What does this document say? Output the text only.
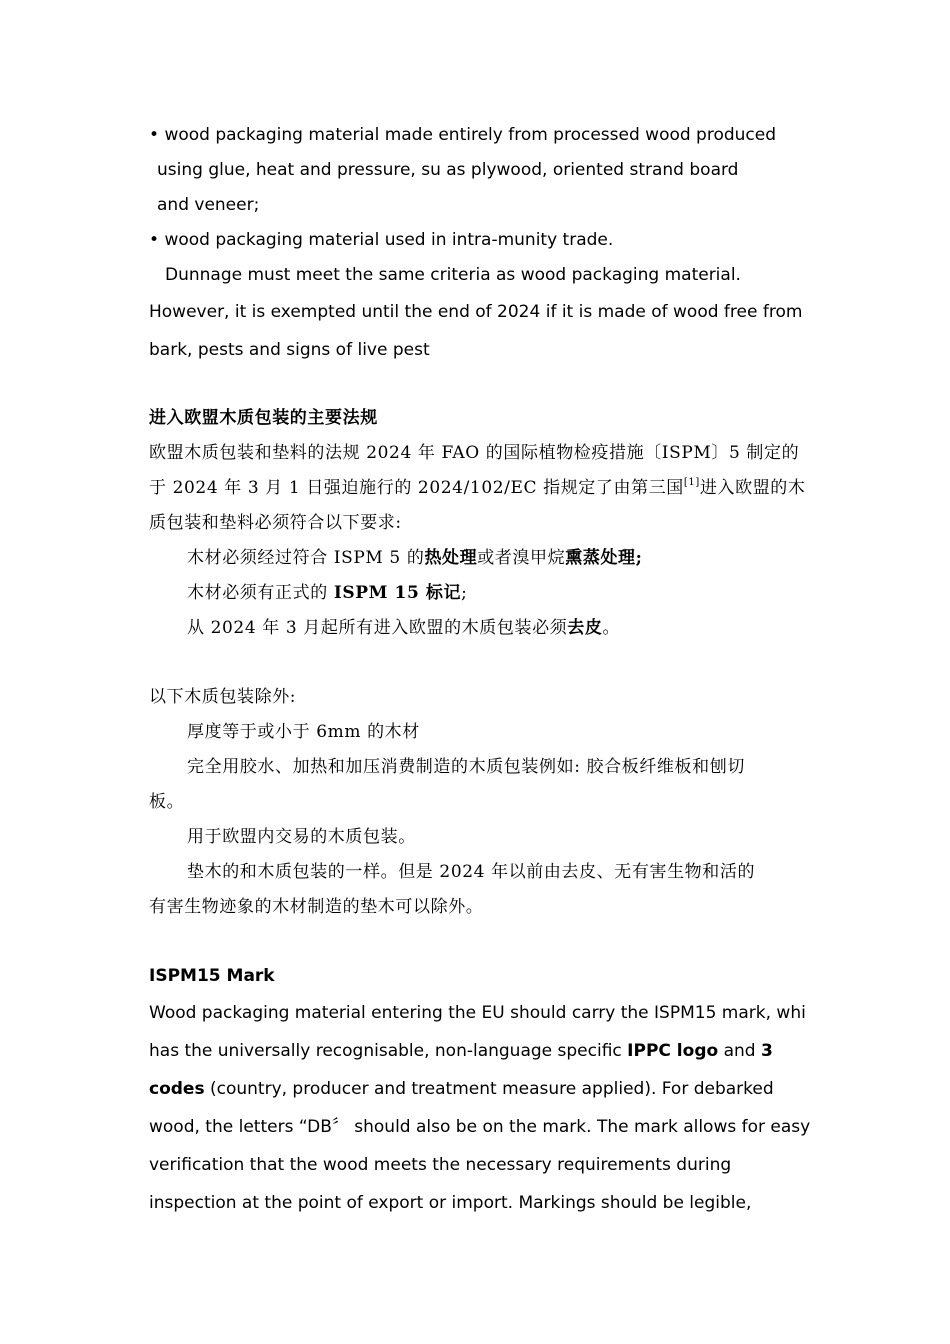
• wood packaging material made entirely from processed wood produced
using glue, heat and pressure, su as plywood, oriented strand board
and veneer;
• wood packaging material used in intra-munity trade.
Dunnage must meet the same criteria as wood packaging material.
However, it is exempted until the end of 2024 if it is made of wood free from
bark, pests and signs of live pest
进入欧盟木质包装的主要法规
欧盟木质包装和垫料的法规 2024 年 FAO 的国际植物检疫措施〔ISPM〕5 制定的
于 2024 年 3 月 1 日强迫施行的 2024/102/EC 指规定了由第三国[1]进入欧盟的木
质包装和垫料必须符合以下要求:
木材必须经过符合 ISPM 5 的热处理或者溴甲烷熏蒸处理;
木材必须有正式的 ISPM 15 标记;
从 2024 年 3 月起所有进入欧盟的木质包装必须去皮。
以下木质包装除外:
厚度等于或小于 6mm 的木材
完全用胶水、加热和加压消费制造的木质包装例如: 胶合板纤维板和刨切
板。
用于欧盟内交易的木质包装。
垫木的和木质包装的一样。但是 2024 年以前由去皮、无有害生物和活的
有害生物迹象的木材制造的垫木可以除外。
ISPM15 Mark
Wood packaging material entering the EU should carry the ISPM15 mark, whi
has the universally recognisable, non-language specific IPPC logo and 3
codes (country, producer and treatment measure applied). For debarked
wood, the letters “DB〞 should also be on the mark. The mark allows for easy
verification that the wood meets the necessary requirements during
inspection at the point of export or import. Markings should be legible,
